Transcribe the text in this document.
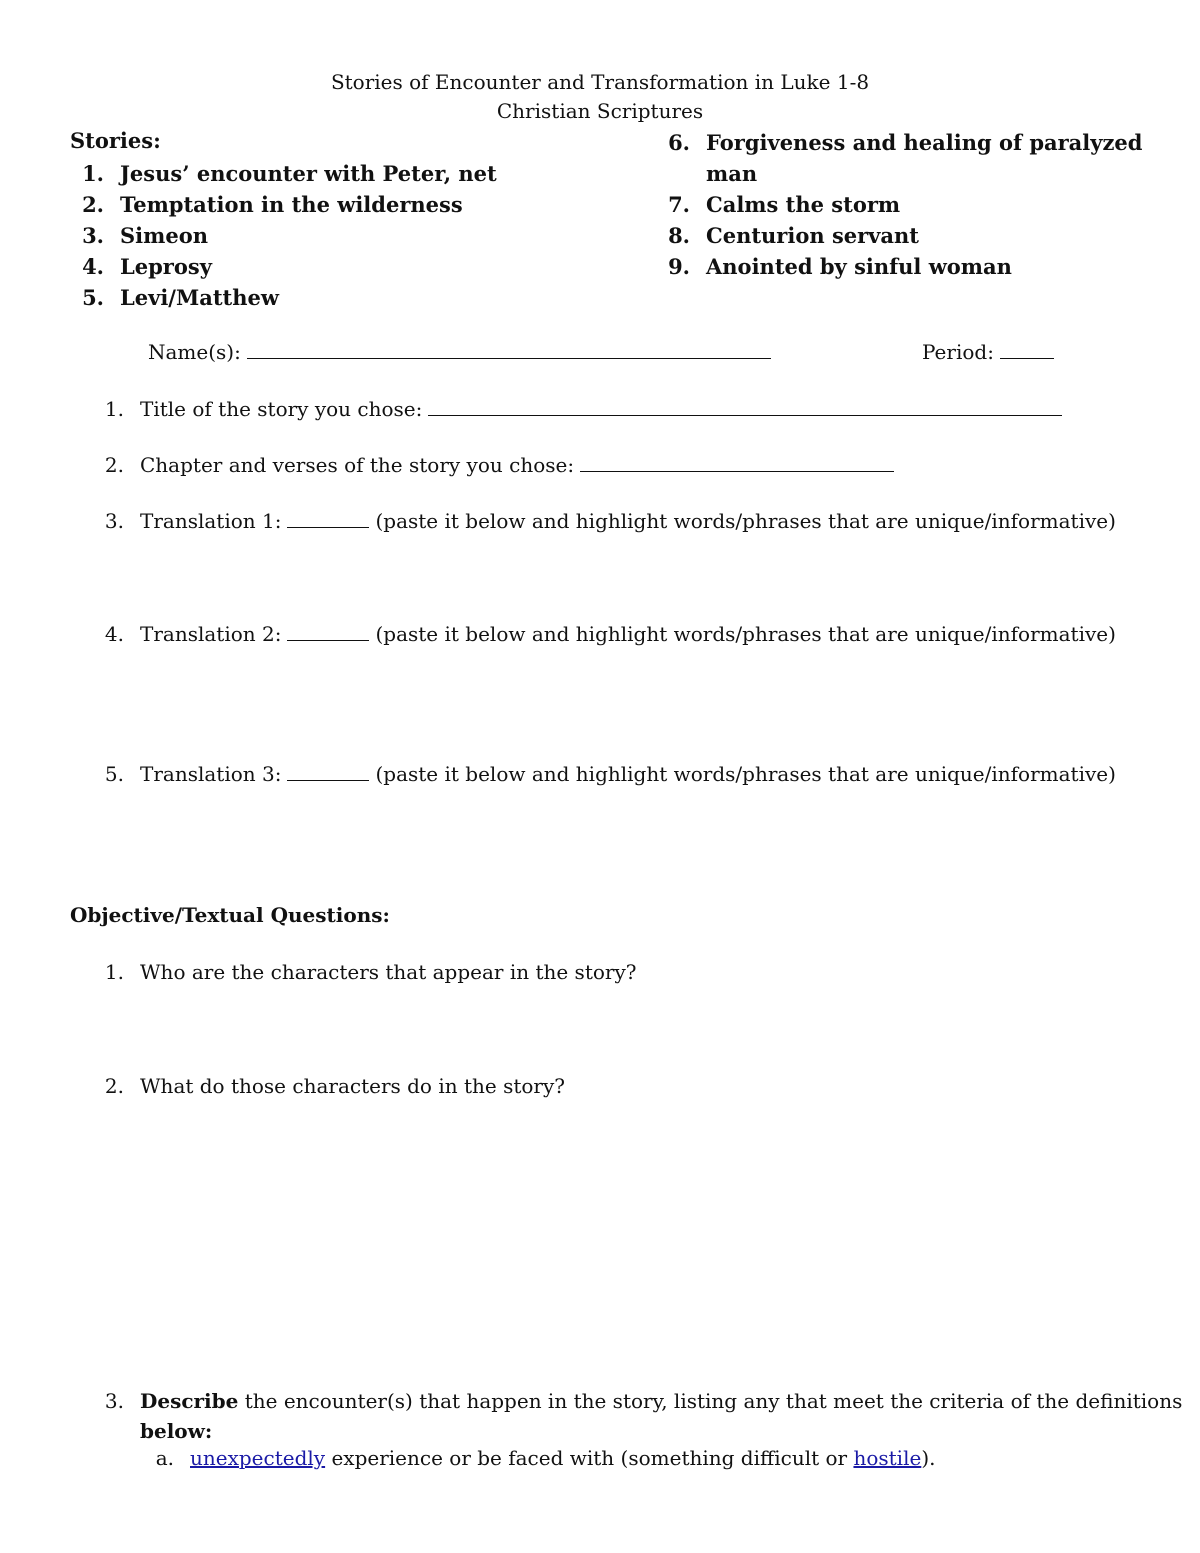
Stories of Encounter and Transformation in Luke 1-8
Christian Scriptures
Stories:
1. Jesus’ encounter with Peter, net
2. Temptation in the wilderness
3. Simeon
4. Leprosy
5. Levi/Matthew
6. Forgiveness and healing of paralyzed
man
7. Calms the storm
8. Centurion servant
9. Anointed by sinful woman
Name(s):	Period:
1. Title of the story you chose:
2. Chapter and verses of the story you chose:
3. Translation 1:	(paste it below and highlight words/phrases that are unique/informative)
4. Translation 2:	(paste it below and highlight words/phrases that are unique/informative)
5. Translation 3:	(paste it below and highlight words/phrases that are unique/informative)
Objective/Textual Questions:
1. Who are the characters that appear in the story?
2. What do those characters do in the story?
3. Describe the encounter(s) that happen in the story, listing any that meet the criteria of the definitions
below:
a. unexpectedly experience or be faced with (something difficult or hostile).
